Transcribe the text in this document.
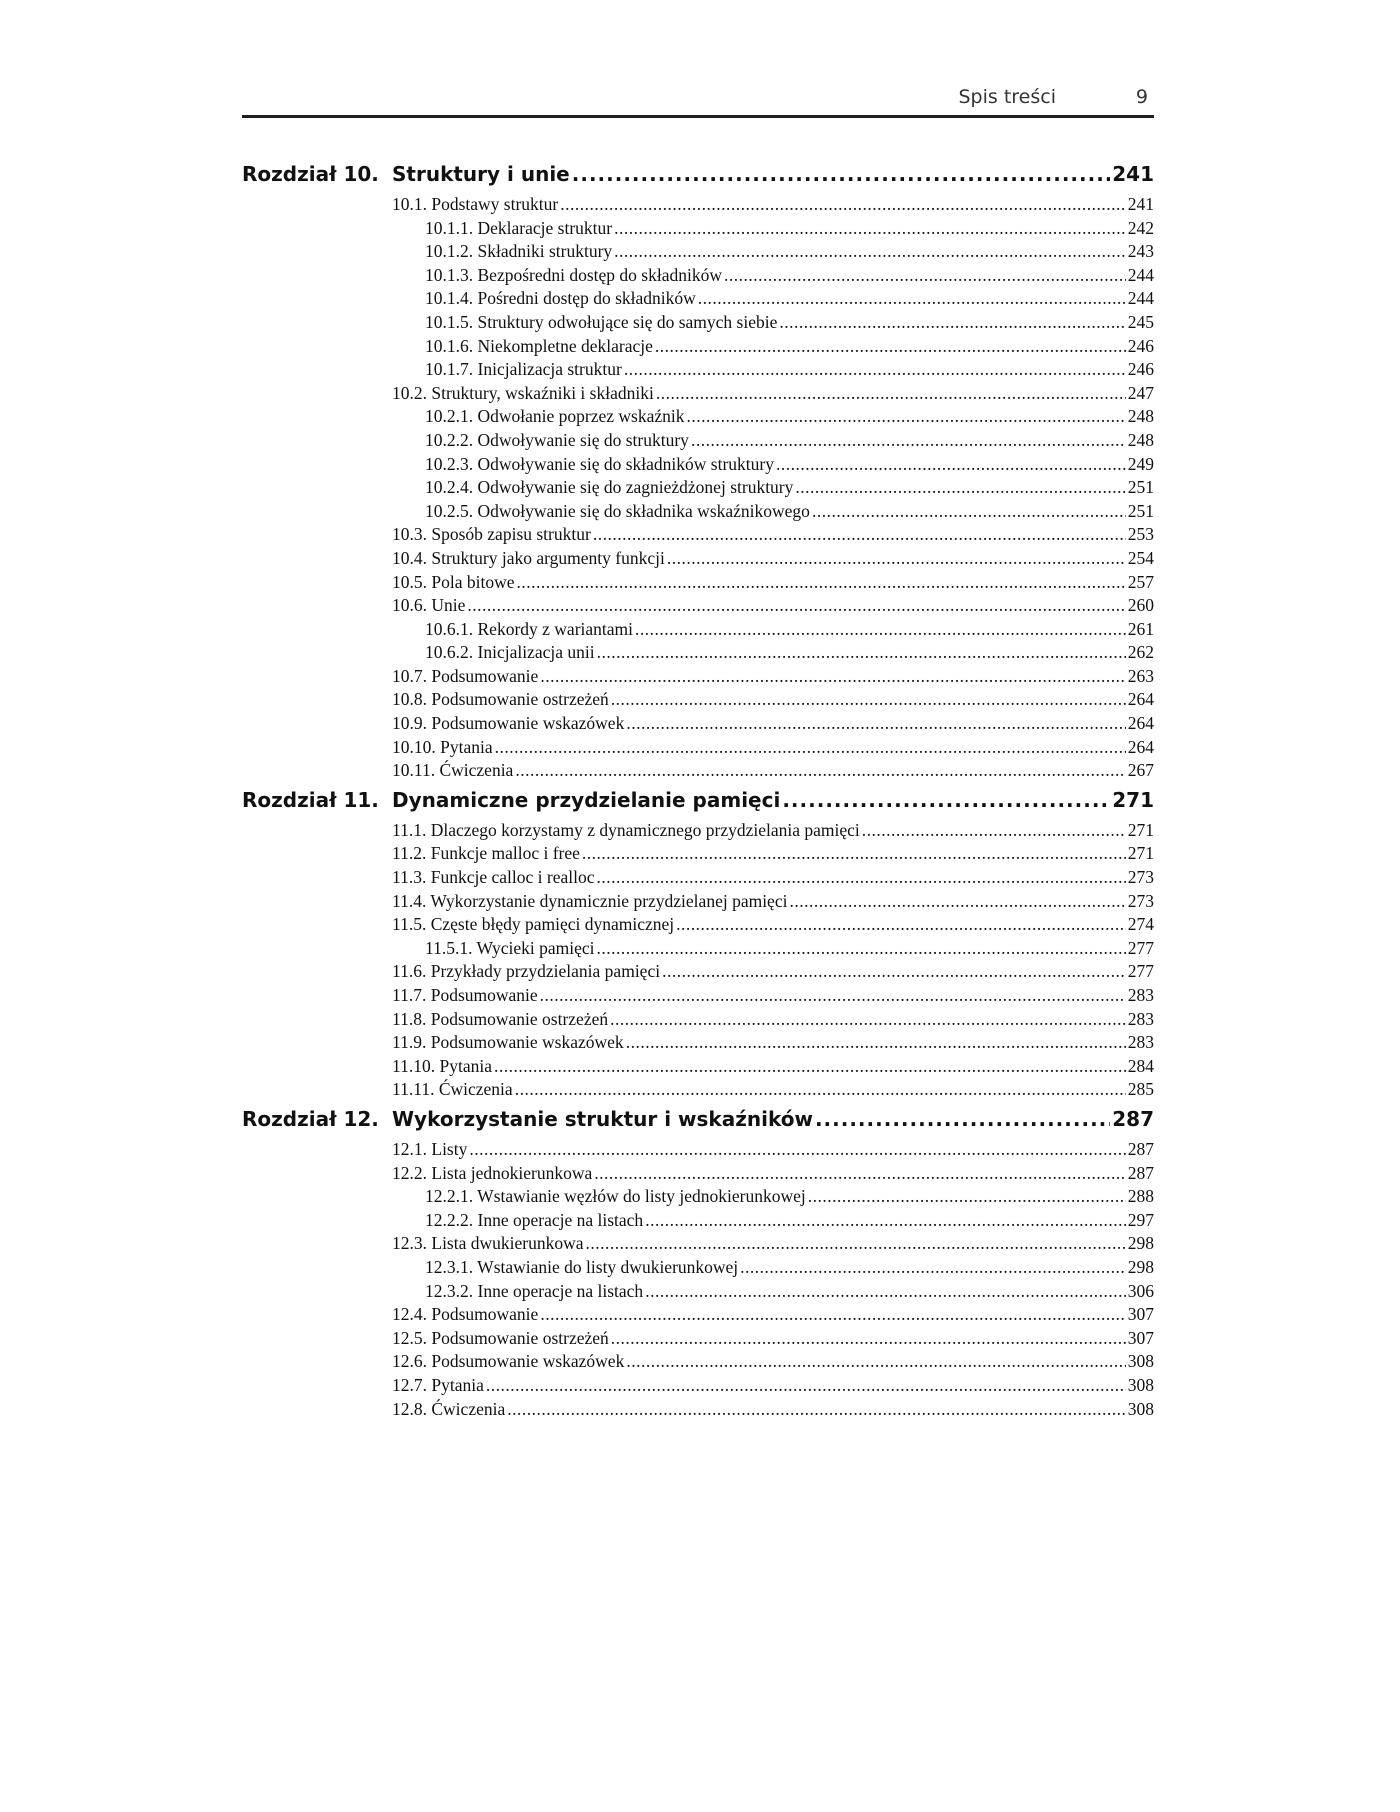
Spis treści	9
Rozdział 10. Struktury i unie .....	241
10.1. Podstawy struktur .....	241
10.1.1. Deklaracje struktur .....	242
10.1.2. Składniki struktury .....	243
10.1.3. Bezpośredni dostęp do składników .....	244
10.1.4. Pośredni dostęp do składników .....	244
10.1.5. Struktury odwołujące się do samych siebie .....	245
10.1.6. Niekompletne deklaracje .....	246
10.1.7. Inicjalizacja struktur .....	246
10.2. Struktury, wskaźniki i składniki .....	247
10.2.1. Odwołanie poprzez wskaźnik .....	248
10.2.2. Odwoływanie się do struktury .....	248
10.2.3. Odwoływanie się do składników struktury .....	249
10.2.4. Odwoływanie się do zagnieżdżonej struktury .....	251
10.2.5. Odwoływanie się do składnika wskaźnikowego .....	251
10.3. Sposób zapisu struktur .....	253
10.4. Struktury jako argumenty funkcji .....	254
10.5. Pola bitowe .....	257
10.6. Unie .....	260
10.6.1. Rekordy z wariantami .....	261
10.6.2. Inicjalizacja unii .....	262
10.7. Podsumowanie .....	263
10.8. Podsumowanie ostrzeżeń .....	264
10.9. Podsumowanie wskazówek .....	264
10.10. Pytania .....	264
10.11. Ćwiczenia .....	267
Rozdział 11. Dynamiczne przydzielanie pamięci .....	271
11.1. Dlaczego korzystamy z dynamicznego przydzielania pamięci .....	271
11.2. Funkcje malloc i free .....	271
11.3. Funkcje calloc i realloc .....	273
11.4. Wykorzystanie dynamicznie przydzielanej pamięci .....	273
11.5. Częste błędy pamięci dynamicznej .....	274
11.5.1. Wycieki pamięci .....	277
11.6. Przykłady przydzielania pamięci .....	277
11.7. Podsumowanie .....	283
11.8. Podsumowanie ostrzeżeń .....	283
11.9. Podsumowanie wskazówek .....	283
11.10. Pytania .....	284
11.11. Ćwiczenia .....	285
Rozdział 12. Wykorzystanie struktur i wskaźników .....	287
12.1. Listy .....	287
12.2. Lista jednokierunkowa .....	287
12.2.1. Wstawianie węzłów do listy jednokierunkowej .....	288
12.2.2. Inne operacje na listach .....	297
12.3. Lista dwukierunkowa .....	298
12.3.1. Wstawianie do listy dwukierunkowej .....	298
12.3.2. Inne operacje na listach .....	306
12.4. Podsumowanie .....	307
12.5. Podsumowanie ostrzeżeń .....	307
12.6. Podsumowanie wskazówek .....	308
12.7. Pytania .....	308
12.8. Ćwiczenia .....	308
